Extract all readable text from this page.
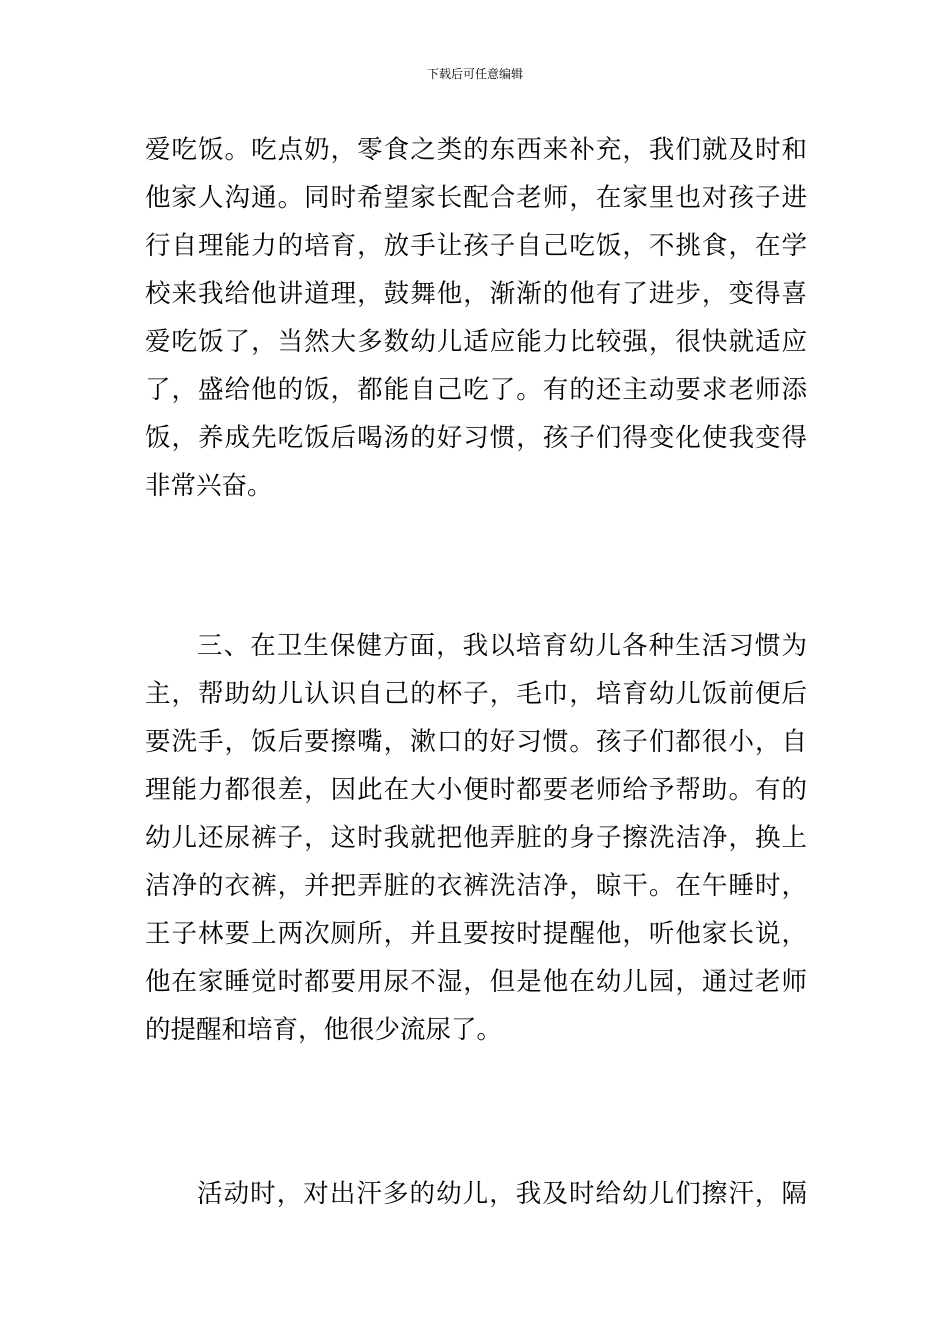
下载后可任意编辑
爱吃饭。吃点奶，零食之类的东西来补充，我们就及时和
他家人沟通。同时希望家长配合老师，在家里也对孩子进
行自理能力的培育，放手让孩子自己吃饭，不挑食，在学
校来我给他讲道理，鼓舞他，渐渐的他有了进步，变得喜
爱吃饭了，当然大多数幼儿适应能力比较强，很快就适应
了，盛给他的饭，都能自己吃了。有的还主动要求老师添
饭，养成先吃饭后喝汤的好习惯，孩子们得变化使我变得
非常兴奋。
三、在卫生保健方面，我以培育幼儿各种生活习惯为
主，帮助幼儿认识自己的杯子，毛巾，培育幼儿饭前便后
要洗手，饭后要擦嘴，漱口的好习惯。孩子们都很小，自
理能力都很差，因此在大小便时都要老师给予帮助。有的
幼儿还尿裤子，这时我就把他弄脏的身子擦洗洁净，换上
洁净的衣裤，并把弄脏的衣裤洗洁净，晾干。在午睡时，
王子林要上两次厕所，并且要按时提醒他，听他家长说，
他在家睡觉时都要用尿不湿，但是他在幼儿园，通过老师
的提醒和培育，他很少流尿了。
活动时，对出汗多的幼儿，我及时给幼儿们擦汗，隔
